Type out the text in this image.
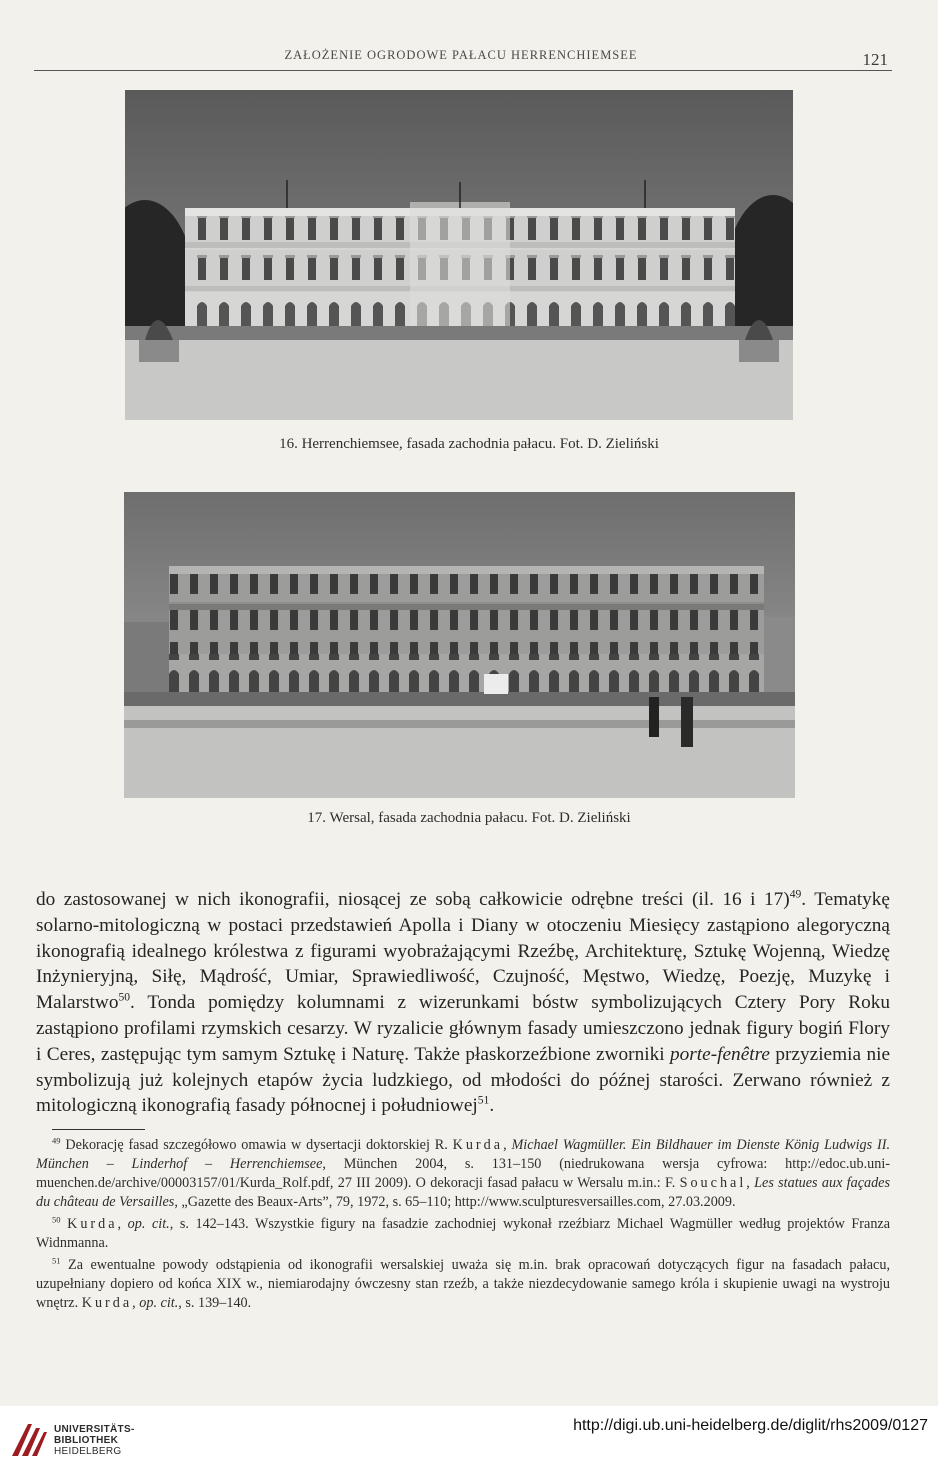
ZAŁOŻENIE OGRODOWE PAŁACU HERRENCHIEMSEE	121
16. Herrenchiemsee, fasada zachodnia pałacu. Fot. D. Zieliński
17. Wersal, fasada zachodnia pałacu. Fot. D. Zieliński
do zastosowanej w nich ikonografii, niosącej ze sobą całkowicie odrębne treści (il. 16 i 17)$^{49}$. Tematykę solarno-mitologiczną w postaci przedstawień Apolla i Diany w otoczeniu Miesięcy zastąpiono alegoryczną ikonografią idealnego królestwa z figurami wyobrażającymi Rzeźbę, Architekturę, Sztukę Wojenną, Wiedzę Inżynieryjną, Siłę, Mądrość, Umiar, Sprawiedliwość, Czujność, Męstwo, Wiedzę, Poezję, Muzykę i Malarstwo$^{50}$. Tonda pomiędzy kolumnami z wizerunkami bóstw symbolizujących Cztery Pory Roku zastąpiono profilami rzymskich cesarzy. W ryzalicie głównym fasady umieszczono jednak figury bogiń Flory i Ceres, zastępując tym samym Sztukę i Naturę. Także płaskorzeźbione zworniki porte-fenêtre przyziemia nie symbolizują już kolejnych etapów życia ludzkiego, od młodości do późnej starości. Zerwano również z mitologiczną ikonografią fasady północnej i południowej$^{51}$.

$^{49}$ Dekorację fasad szczegółowo omawia w dysertacji doktorskiej R. Kurda, Michael Wagmüller. Ein Bildhauer im Dienste König Ludwigs II. München – Linderhof – Herrenchiemsee, München 2004, s. 131–150 (niedrukowana wersja cyfrowa: http://edoc.ub.uni-muenchen.de/archive/00003157/01/Kurda_Rolf.pdf, 27 III 2009). O dekoracji fasad pałacu w Wersalu m.in.: F. Souchal, Les statues aux façades du château de Versailles, „Gazette des Beaux-Arts”, 79, 1972, s. 65–110; http://www.sculpturesversailles.com, 27.03.2009.

$^{50}$ Kurda, op. cit., s. 142–143. Wszystkie figury na fasadzie zachodniej wykonał rzeźbiarz Michael Wagmüller według projektów Franza Widnmanna.

$^{51}$ Za ewentualne powody odstąpienia od ikonografii wersalskiej uważa się m.in. brak opracowań dotyczących figur na fasadach pałacu, uzupełniany dopiero od końca XIX w., niemiarodajny ówczesny stan rzeźb, a także niezdecydowanie samego króla i skupienie uwagi na wystroju wnętrz. Kurda, op. cit., s. 139–140.

UNIVERSITÄTS-
BIBLIOTHEK
HEIDELBERG
http://digi.ub.uni-heidelberg.de/diglit/rhs2009/0127
